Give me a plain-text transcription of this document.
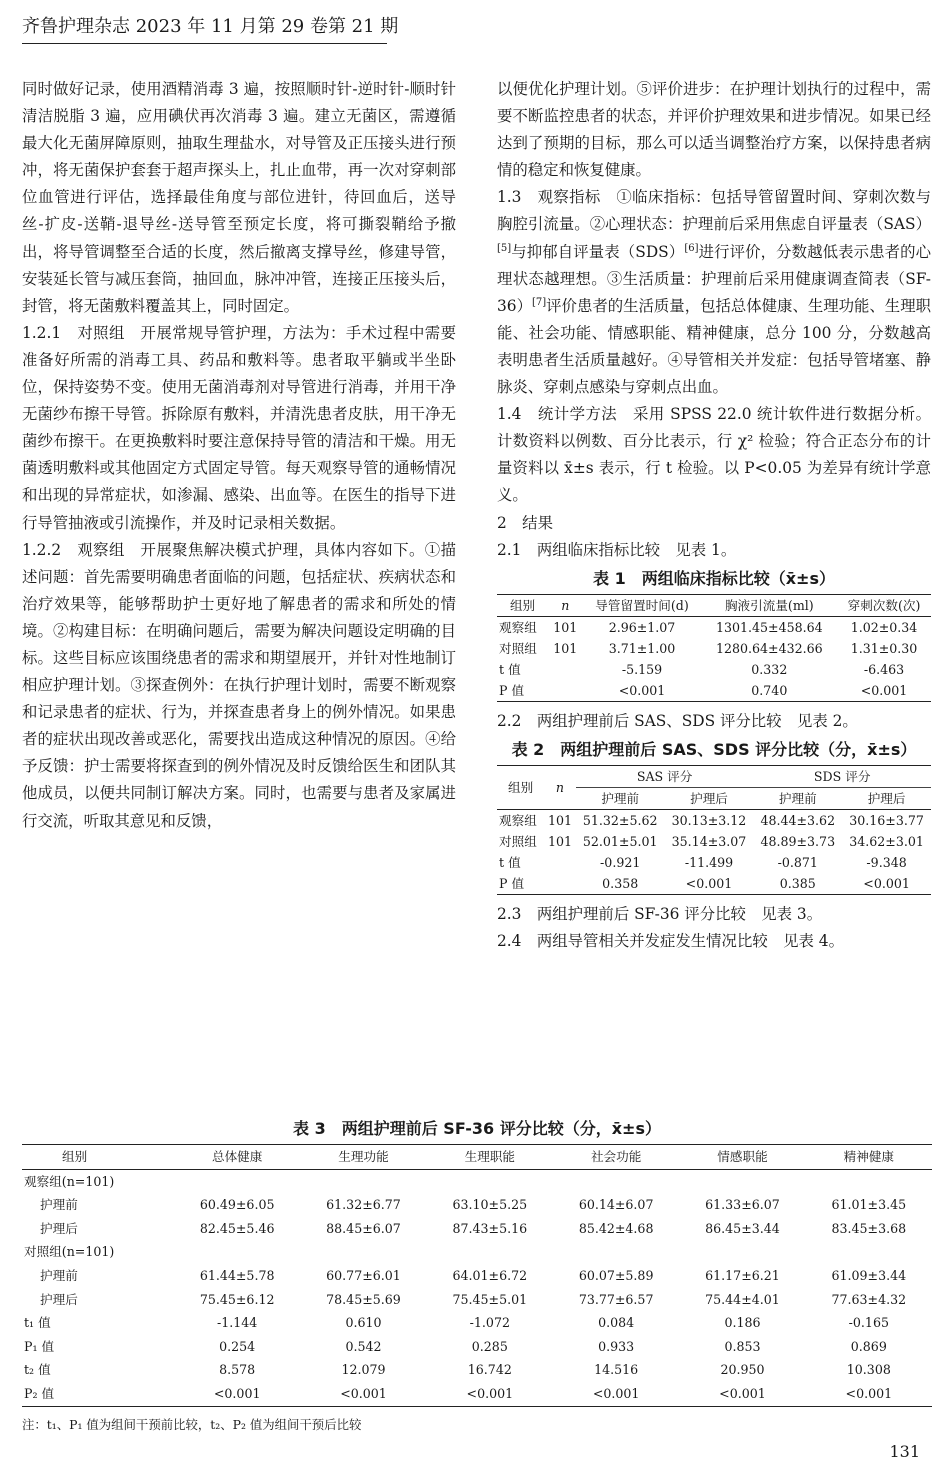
齐鲁护理杂志 2023 年 11 月第 29 卷第 21 期

同时做好记录，使用酒精消毒 3 遍，按照顺时针-逆时针-顺时针清洁脱脂 3 遍，应用碘伏再次消毒 3 遍。建立无菌区，需遵循最大化无菌屏障原则，抽取生理盐水，对导管及正压接头进行预冲，将无菌保护套套于超声探头上，扎止血带，再一次对穿刺部位血管进行评估，选择最佳角度与部位进针，待回血后，送导丝-扩皮-送鞘-退导丝-送导管至预定长度，将可撕裂鞘给予撤出，将导管调整至合适的长度，然后撤离支撑导丝，修建导管，安装延长管与减压套筒，抽回血，脉冲冲管，连接正压接头后，封管，将无菌敷料覆盖其上，同时固定。

1.2.1　对照组　开展常规导管护理，方法为：手术过程中需要准备好所需的消毒工具、药品和敷料等。患者取平躺或半坐卧位，保持姿势不变。使用无菌消毒剂对导管进行消毒，并用干净无菌纱布擦干导管。拆除原有敷料，并清洗患者皮肤，用干净无菌纱布擦干。在更换敷料时要注意保持导管的清洁和干燥。用无菌透明敷料或其他固定方式固定导管。每天观察导管的通畅情况和出现的异常症状，如渗漏、感染、出血等。在医生的指导下进行导管抽液或引流操作，并及时记录相关数据。

1.2.2　观察组　开展聚焦解决模式护理，具体内容如下。①描述问题：首先需要明确患者面临的问题，包括症状、疾病状态和治疗效果等，能够帮助护士更好地了解患者的需求和所处的情境。②构建目标：在明确问题后，需要为解决问题设定明确的目标。这些目标应该围绕患者的需求和期望展开，并针对性地制订相应护理计划。③探查例外：在执行护理计划时，需要不断观察和记录患者的症状、行为，并探查患者身上的例外情况。如果患者的症状出现改善或恶化，需要找出造成这种情况的原因。④给予反馈：护士需要将探查到的例外情况及时反馈给医生和团队其他成员，以便共同制订解决方案。同时，也需要与患者及家属进行交流，听取其意见和反馈，

以便优化护理计划。⑤评价进步：在护理计划执行的过程中，需要不断监控患者的状态，并评价护理效果和进步情况。如果已经达到了预期的目标，那么可以适当调整治疗方案，以保持患者病情的稳定和恢复健康。

1.3　观察指标　①临床指标：包括导管留置时间、穿刺次数与胸腔引流量。②心理状态：护理前后采用焦虑自评量表（SAS）[5]与抑郁自评量表（SDS）[6]进行评价，分数越低表示患者的心理状态越理想。③生活质量：护理前后采用健康调查简表（SF-36）[7]评价患者的生活质量，包括总体健康、生理功能、生理职能、社会功能、情感职能、精神健康，总分 100 分，分数越高表明患者生活质量越好。④导管相关并发症：包括导管堵塞、静脉炎、穿刺点感染与穿刺点出血。

1.4　统计学方法　采用 SPSS 22.0 统计软件进行数据分析。计数资料以例数、百分比表示，行 χ² 检验；符合正态分布的计量资料以 x̄±s 表示，行 t 检验。以 P<0.05 为差异有统计学意义。

2　结果

2.1　两组临床指标比较　见表 1。

表 1　两组临床指标比较（x̄±s）
组别	n	导管留置时间(d)	胸液引流量(ml)	穿刺次数(次)
观察组	101	2.96±1.07	1301.45±458.64	1.02±0.34
对照组	101	3.71±1.00	1280.64±432.66	1.31±0.30
t 值		-5.159	0.332	-6.463
P 值		<0.001	0.740	<0.001

2.2　两组护理前后 SAS、SDS 评分比较　见表 2。

表 2　两组护理前后 SAS、SDS 评分比较（分，x̄±s）
组别	n	SAS 评分		SDS 评分	
		护理前	护理后	护理前	护理后
观察组	101	51.32±5.62	30.13±3.12	48.44±3.62	30.16±3.77
对照组	101	52.01±5.01	35.14±3.07	48.89±3.73	34.62±3.01
t 值		-0.921	-11.499	-0.871	-9.348
P 值		0.358	<0.001	0.385	<0.001

2.3　两组护理前后 SF-36 评分比较　见表 3。

2.4　两组导管相关并发症发生情况比较　见表 4。

表 3　两组护理前后 SF-36 评分比较（分，x̄±s）
组别	总体健康	生理功能	生理职能	社会功能	情感职能	精神健康
观察组(n=101)						
护理前	60.49±6.05	61.32±6.77	63.10±5.25	60.14±6.07	61.33±6.07	61.01±3.45
护理后	82.45±5.46	88.45±6.07	87.43±5.16	85.42±4.68	86.45±3.44	83.45±3.68
对照组(n=101)						
护理前	61.44±5.78	60.77±6.01	64.01±6.72	60.07±5.89	61.17±6.21	61.09±3.44
护理后	75.45±6.12	78.45±5.69	75.45±5.01	73.77±6.57	75.44±4.01	77.63±4.32
t₁ 值	-1.144	0.610	-1.072	0.084	0.186	-0.165
P₁ 值	0.254	0.542	0.285	0.933	0.853	0.869
t₂ 值	8.578	12.079	16.742	14.516	20.950	10.308
P₂ 值	<0.001	<0.001	<0.001	<0.001	<0.001	<0.001
注：t₁、P₁ 值为组间干预前比较，t₂、P₂ 值为组间干预后比较
131
